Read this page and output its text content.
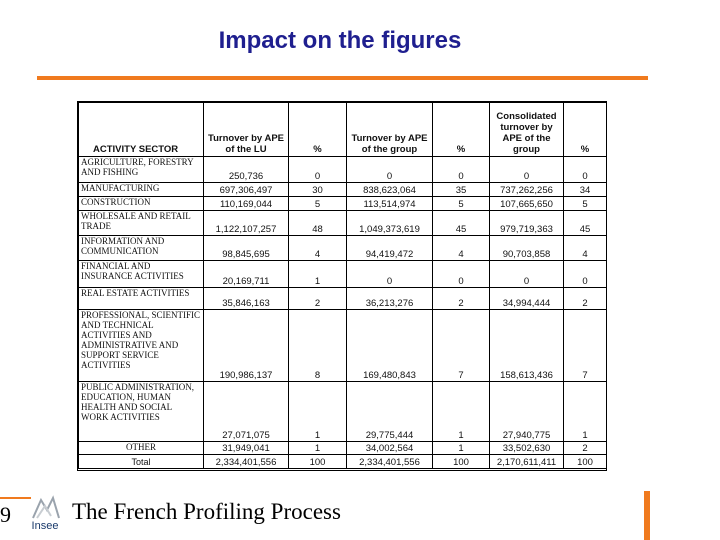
Impact on the figures
ACTIVITY SECTOR	Turnover by APE of the LU	%	Turnover by APE of the group	%	Consolidated turnover by APE of the group	%
AGRICULTURE, FORESTRY AND FISHING	250,736	0	0	0	0	0
MANUFACTURING	697,306,497	30	838,623,064	35	737,262,256	34
CONSTRUCTION	110,169,044	5	113,514,974	5	107,665,650	5
WHOLESALE AND RETAIL TRADE	1,122,107,257	48	1,049,373,619	45	979,719,363	45
INFORMATION AND COMMUNICATION	98,845,695	4	94,419,472	4	90,703,858	4
FINANCIAL AND INSURANCE ACTIVITIES	20,169,711	1	0	0	0	0
REAL ESTATE ACTIVITIES	35,846,163	2	36,213,276	2	34,994,444	2
PROFESSIONAL, SCIENTIFIC AND TECHNICAL ACTIVITIES AND ADMINISTRATIVE AND SUPPORT SERVICE ACTIVITIES	190,986,137	8	169,480,843	7	158,613,436	7
PUBLIC ADMINISTRATION, EDUCATION, HUMAN HEALTH AND SOCIAL WORK ACTIVITIES	27,071,075	1	29,775,444	1	27,940,775	1
OTHER	31,949,041	1	34,002,564	1	33,502,630	2
Total	2,334,401,556	100	2,334,401,556	100	2,170,611,411	100
9	Insee
The French Profiling Process
